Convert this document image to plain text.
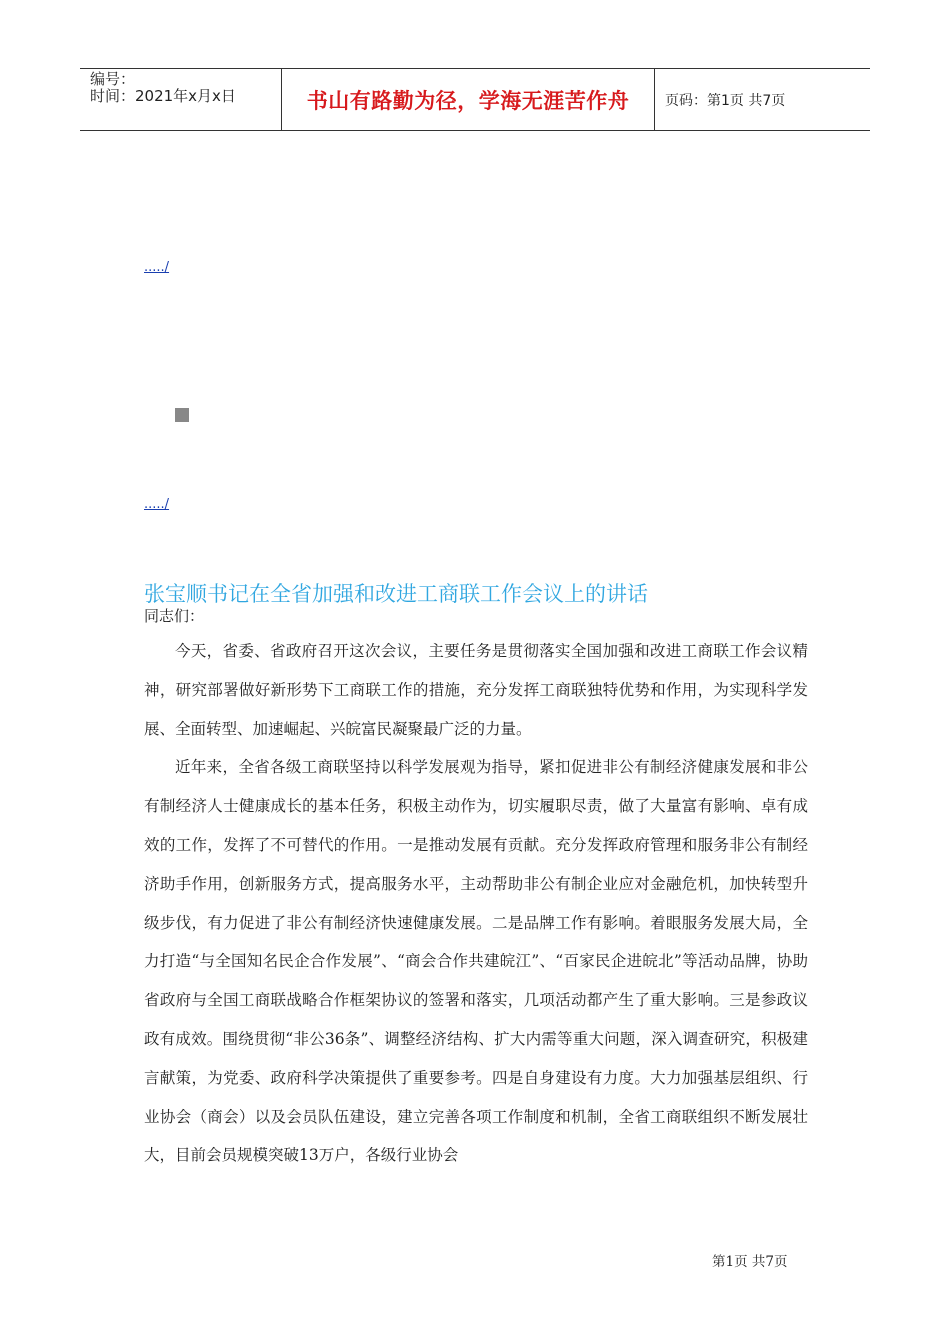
编号：
时间：2021年x月x日	书山有路勤为径，学海无涯苦作舟	页码：第1页 共7页
...../
...../
张宝顺书记在全省加强和改进工商联工作会议上的讲话
同志们：

今天，省委、省政府召开这次会议，主要任务是贯彻落实全国加强和改进工商联工作会议精神，研究部署做好新形势下工商联工作的措施，充分发挥工商联独特优势和作用，为实现科学发展、全面转型、加速崛起、兴皖富民凝聚最广泛的力量。

近年来，全省各级工商联坚持以科学发展观为指导，紧扣促进非公有制经济健康发展和非公有制经济人士健康成长的基本任务，积极主动作为，切实履职尽责，做了大量富有影响、卓有成效的工作，发挥了不可替代的作用。一是推动发展有贡献。充分发挥政府管理和服务非公有制经济助手作用，创新服务方式，提高服务水平，主动帮助非公有制企业应对金融危机，加快转型升级步伐，有力促进了非公有制经济快速健康发展。二是品牌工作有影响。着眼服务发展大局，全力打造“与全国知名民企合作发展”、“商会合作共建皖江”、“百家民企进皖北”等活动品牌，协助省政府与全国工商联战略合作框架协议的签署和落实，几项活动都产生了重大影响。三是参政议政有成效。围绕贯彻“非公36条”、调整经济结构、扩大内需等重大问题，深入调查研究，积极建言献策，为党委、政府科学决策提供了重要参考。四是自身建设有力度。大力加强基层组织、行业协会（商会）以及会员队伍建设，建立完善各项工作制度和机制，全省工商联组织不断发展壮大，目前会员规模突破13万户，各级行业协会

第1页 共7页
